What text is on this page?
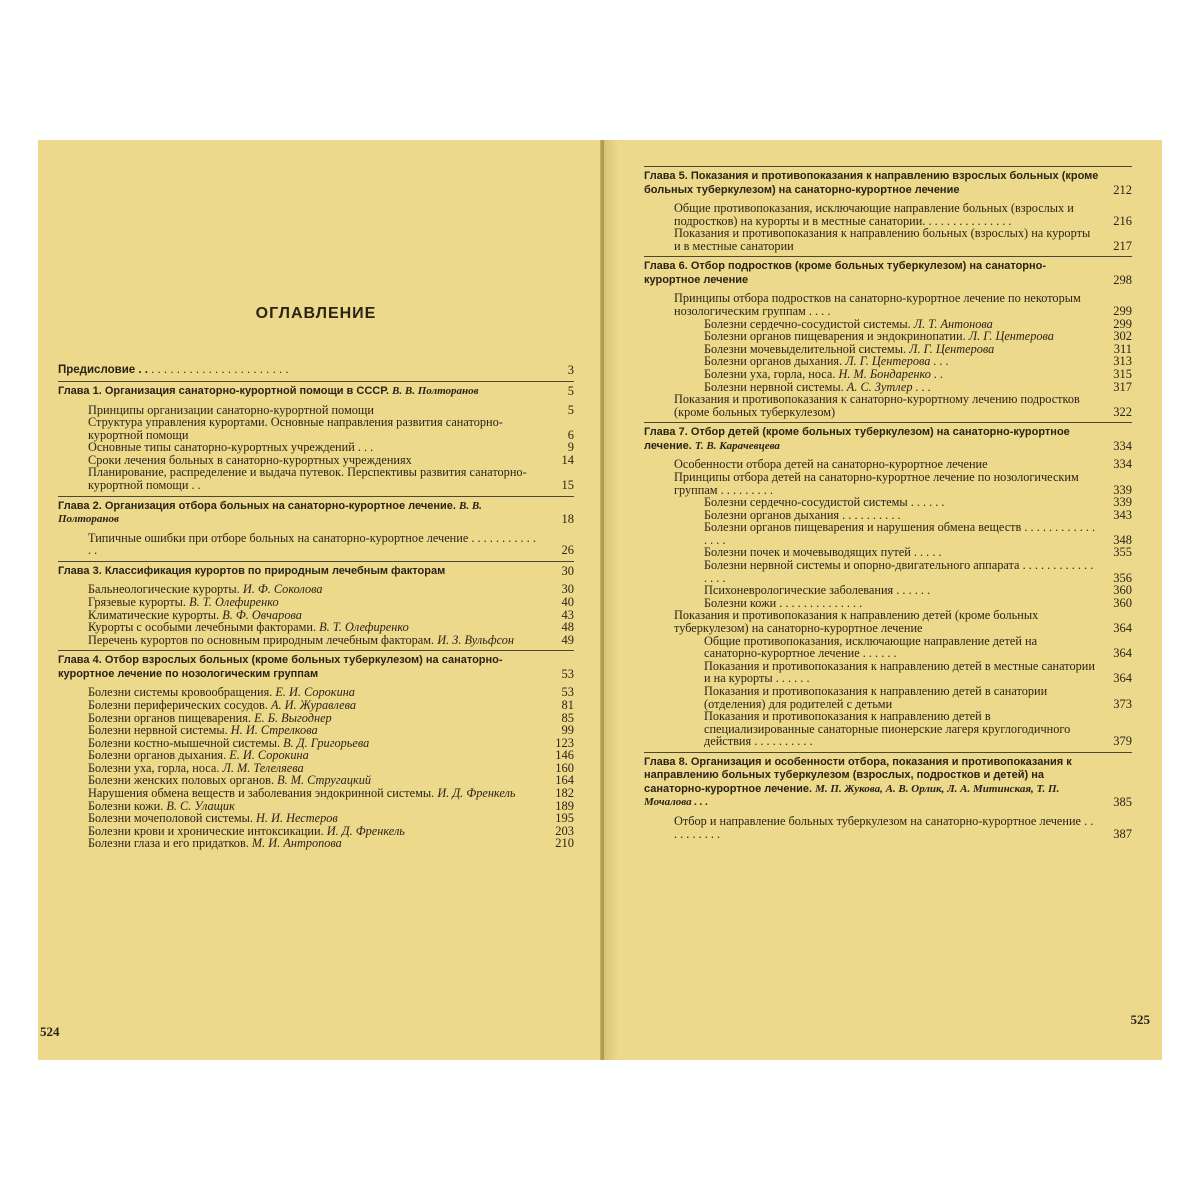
ОГЛАВЛЕНИЕ
Предисловие . . . . . . . . . . . . . . . . . . . . . . . .	3
Глава 1. Организация санаторно-курортной помощи в СССР. В. В. Полторанов	5
Принципы организации санаторно-курортной помощи	5
Структура управления курортами. Основные направления развития санаторно-курортной помощи	6
Основные типы санаторно-курортных учреждений . . .	9
Сроки лечения больных в санаторно-курортных учреждениях	14
Планирование, распределение и выдача путевок. Перспективы развития санаторно-курортной помощи . .	15
Глава 2. Организация отбора больных на санаторно-курортное лечение. В. В. Полторанов	18
Типичные ошибки при отборе больных на санаторно-курортное лечение . . . . . . . . . . . . .	26
Глава 3. Классификация курортов по природным лечебным факторам	30
Бальнеологические курорты. И. Ф. Соколова	30
Грязевые курорты. В. Т. Олефиренко	40
Климатические курорты. В. Ф. Овчарова	43
Курорты с особыми лечебными факторами. В. Т. Олефиренко	48
Перечень курортов по основным природным лечебным факторам. И. З. Вульфсон	49
Глава 4. Отбор взрослых больных (кроме больных туберкулезом) на санаторно-курортное лечение по нозологическим группам	53
Болезни системы кровообращения. Е. И. Сорокина	53
Болезни периферических сосудов. А. И. Журавлева	81
Болезни органов пищеварения. Е. Б. Выгоднер	85
Болезни нервной системы. Н. И. Стрелкова	99
Болезни костно-мышечной системы. В. Д. Григорьева	123
Болезни органов дыхания. Е. И. Сорокина	146
Болезни уха, горла, носа. Л. М. Телеляева	160
Болезни женских половых органов. В. М. Стругацкий	164
Нарушения обмена веществ и заболевания эндокринной системы. И. Д. Френкель	182
Болезни кожи. В. С. Улащик	189
Болезни мочеполовой системы. Н. И. Нестеров	195
Болезни крови и хронические интоксикации. И. Д. Френкель	203
Болезни глаза и его придатков. М. И. Антропова	210
524
Глава 5. Показания и противопоказания к направлению взрослых больных (кроме больных туберкулезом) на санаторно-курортное лечение	212
Общие противопоказания, исключающие направление больных (взрослых и подростков) на курорты и в местные санатории. . . . . . . . . . . . . . .	216
Показания и противопоказания к направлению больных (взрослых) на курорты и в местные санатории	217
Глава 6. Отбор подростков (кроме больных туберкулезом) на санаторно-курортное лечение	298
Принципы отбора подростков на санаторно-курортное лечение по некоторым нозологическим группам . . . .	299
Болезни сердечно-сосудистой системы. Л. Т. Антонова	299
Болезни органов пищеварения и эндокринопатии. Л. Г. Центерова	302
Болезни мочевыделительной системы. Л. Г. Центерова	311
Болезни органов дыхания. Л. Г. Центерова . . .	313
Болезни уха, горла, носа. Н. М. Бондаренко . .	315
Болезни нервной системы. А. С. Зутлер . . .	317
Показания и противопоказания к санаторно-курортному лечению подростков (кроме больных туберкулезом)	322
Глава 7. Отбор детей (кроме больных туберкулезом) на санаторно-курортное лечение. Т. В. Карачевцева	334
Особенности отбора детей на санаторно-курортное лечение	334
Принципы отбора детей на санаторно-курортное лечение по нозологическим группам . . . . . . . . .	339
Болезни сердечно-сосудистой системы . . . . . .	339
Болезни органов дыхания . . . . . . . . . .	343
Болезни органов пищеварения и нарушения обмена веществ . . . . . . . . . . . . . . . .	348
Болезни почек и мочевыводящих путей . . . . .	355
Болезни нервной системы и опорно-двигательного аппарата . . . . . . . . . . . . . . . .	356
Психоневрологические заболевания . . . . . .	360
Болезни кожи . . . . . . . . . . . . . .	360
Показания и противопоказания к направлению детей (кроме больных туберкулезом) на санаторно-курортное лечение	364
Общие противопоказания, исключающие направление детей на санаторно-курортное лечение . . . . . .	364
Показания и противопоказания к направлению детей в местные санатории и на курорты . . . . . .	364
Показания и противопоказания к направлению детей в санатории (отделения) для родителей с детьми	373
Показания и противопоказания к направлению детей в специализированные санаторные пионерские лагеря круглогодичного действия . . . . . . . . . .	379
Глава 8. Организация и особенности отбора, показания и противопоказания к направлению больных туберкулезом (взрослых, подростков и детей) на санаторно-курортное лечение. М. П. Жукова, А. В. Орлик, Л. А. Митинская, Т. П. Мочалова . . .	385
Отбор и направление больных туберкулезом на санаторно-курортное лечение . . . . . . . . . .	387
525
